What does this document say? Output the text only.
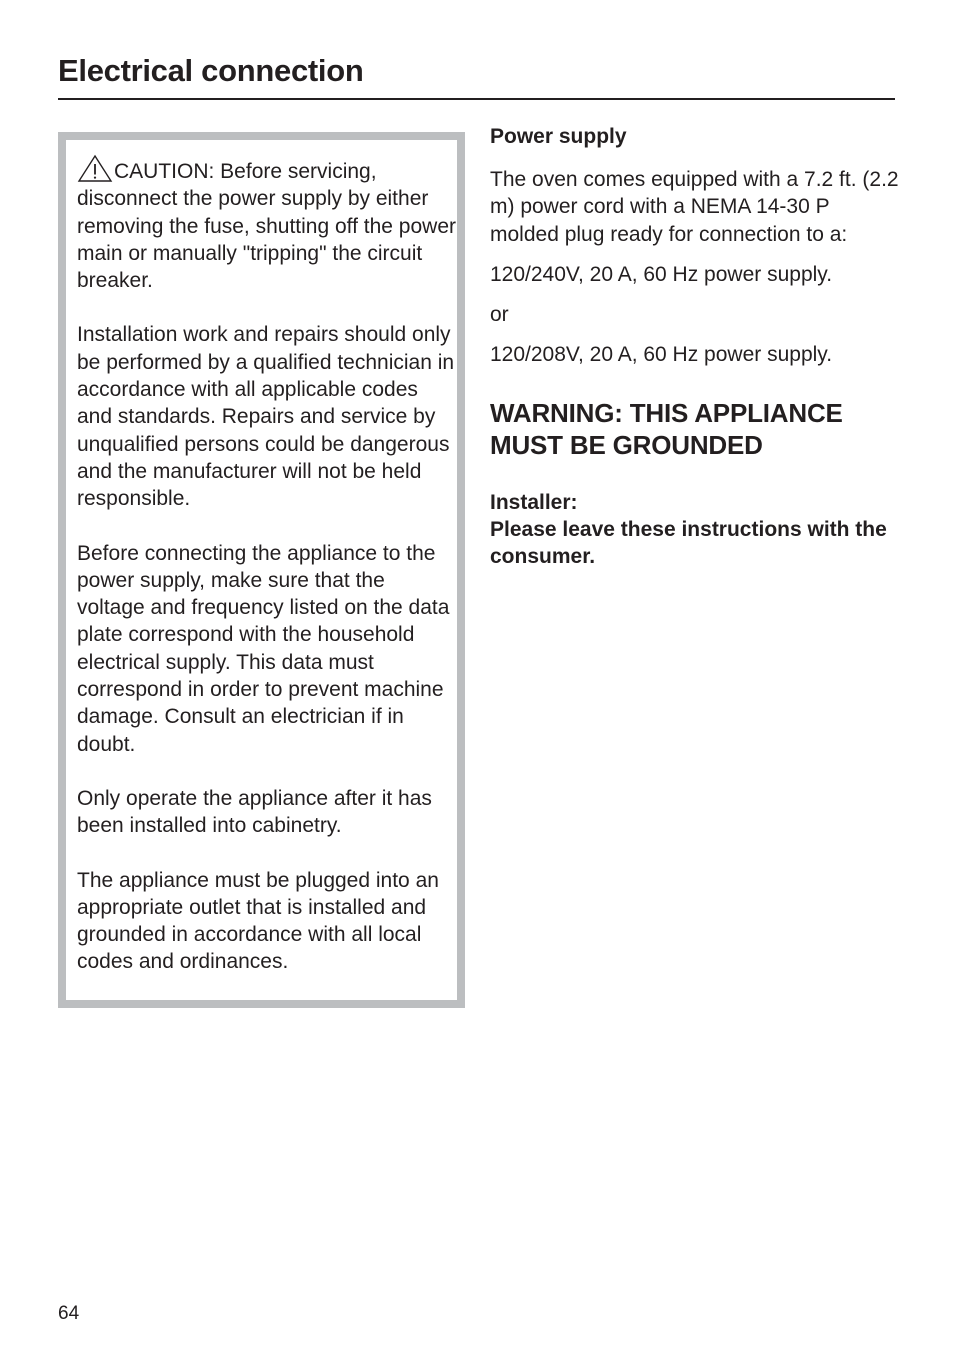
Electrical connection

CAUTION: Before servicing, disconnect the power supply by either removing the fuse, shutting off the power main or manually "tripping" the circuit breaker.

Installation work and repairs should only be performed by a qualified technician in accordance with all applicable codes and standards. Repairs and service by unqualified persons could be dangerous and the manufacturer will not be held responsible.

Before connecting the appliance to the power supply, make sure that the voltage and frequency listed on the data plate correspond with the household electrical supply. This data must correspond in order to prevent machine damage. Consult an electrician if in doubt.

Only operate the appliance after it has been installed into cabinetry.

The appliance must be plugged into an appropriate outlet that is installed and grounded in accordance with all local codes and ordinances.

Power supply

The oven comes equipped with a 7.2 ft. (2.2 m) power cord with a NEMA 14-30 P molded plug ready for connection to a:

120/240V, 20 A, 60 Hz power supply.

or

120/208V, 20 A, 60 Hz power supply.

WARNING: THIS APPLIANCE MUST BE GROUNDED
Installer:
Please leave these instructions with the consumer.
64
